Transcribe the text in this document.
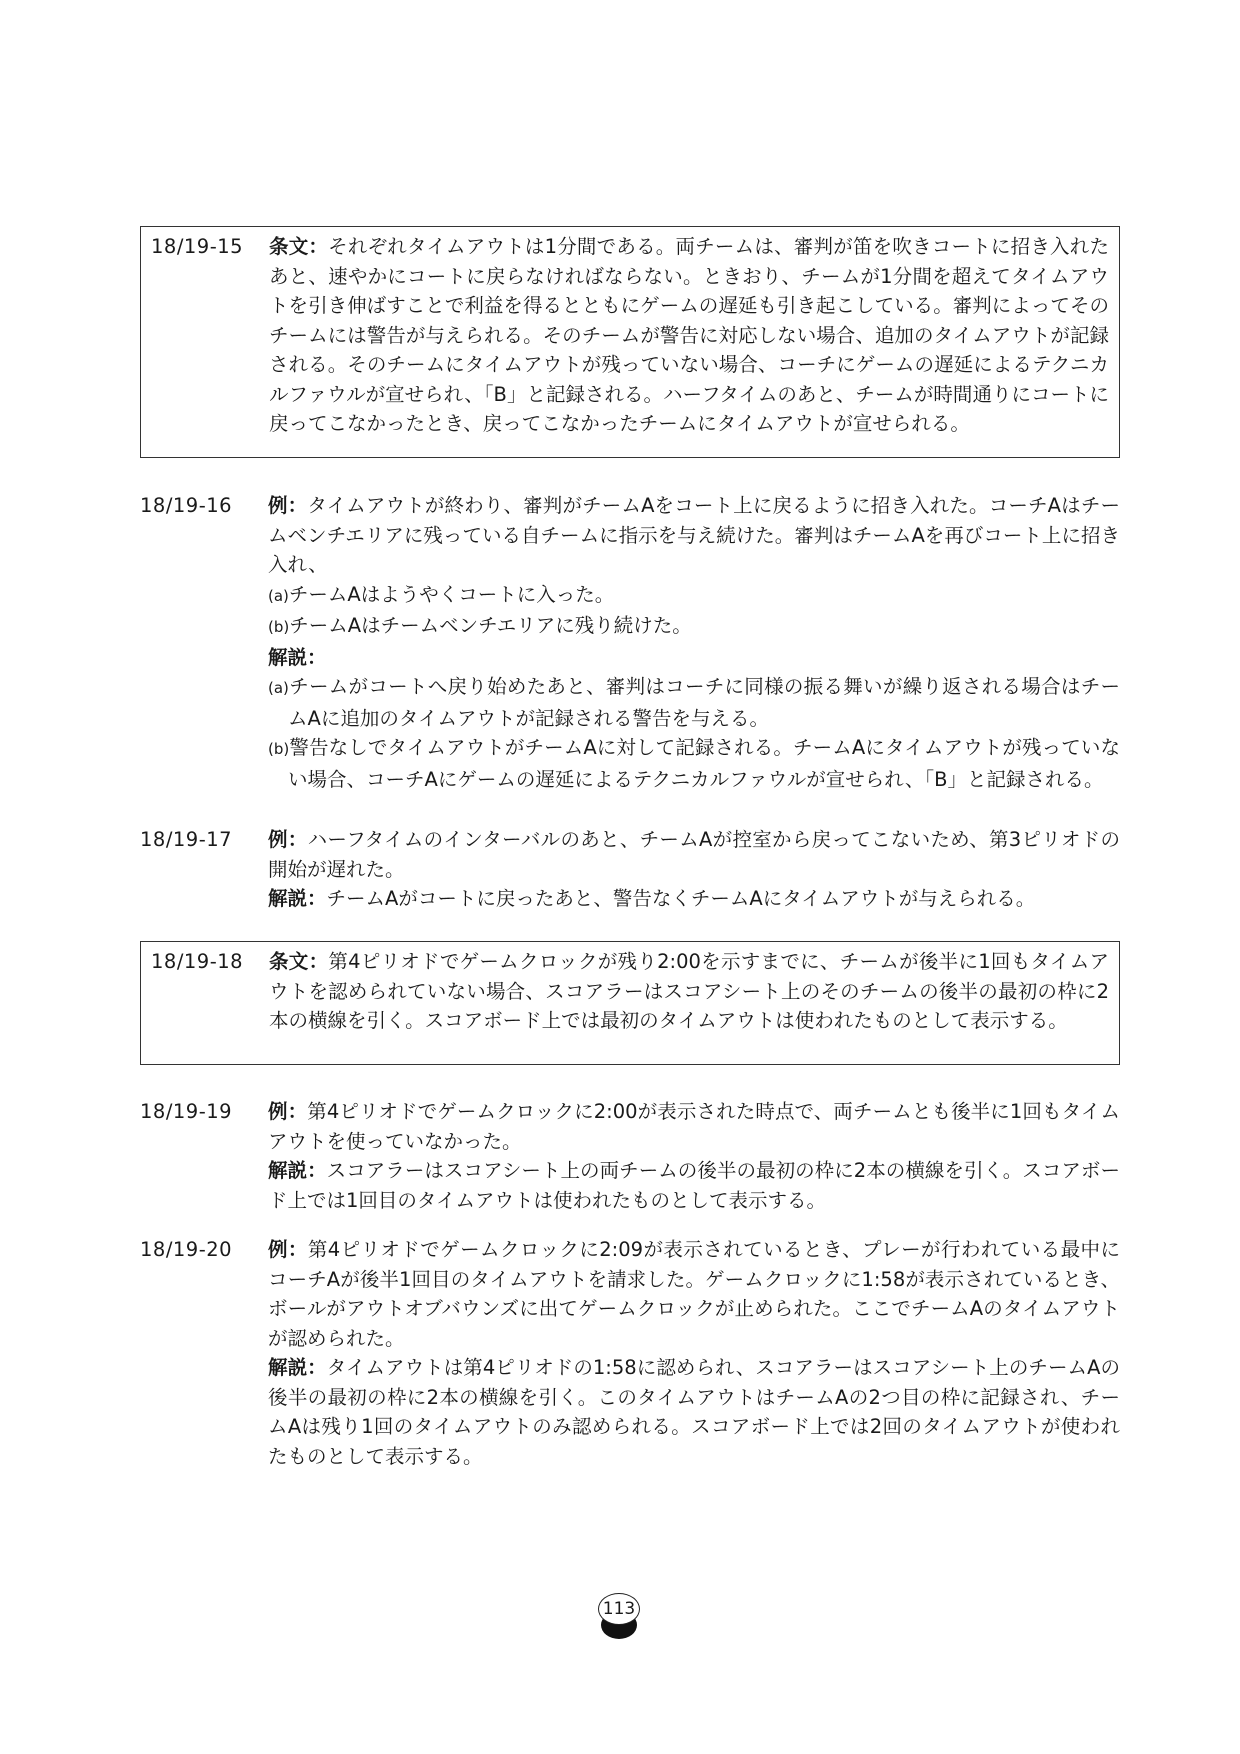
18/19-15	条文：それぞれタイムアウトは1分間である。両チームは、審判が笛を吹きコートに招き入れたあと、速やかにコートに戻らなければならない。ときおり、チームが1分間を超えてタイムアウトを引き伸ばすことで利益を得るとともにゲームの遅延も引き起こしている。審判によってそのチームには警告が与えられる。そのチームが警告に対応しない場合、追加のタイムアウトが記録される。そのチームにタイムアウトが残っていない場合、コーチにゲームの遅延によるテクニカルファウルが宣せられ、「B」と記録される。ハーフタイムのあと、チームが時間通りにコートに戻ってこなかったとき、戻ってこなかったチームにタイムアウトが宣せられる。
18/19-16	例：タイムアウトが終わり、審判がチームAをコート上に戻るように招き入れた。コーチAはチームベンチエリアに残っている自チームに指示を与え続けた。審判はチームAを再びコート上に招き入れ、
(a)チームAはようやくコートに入った。
(b)チームAはチームベンチエリアに残り続けた。
解説：
(a)チームがコートへ戻り始めたあと、審判はコーチに同様の振る舞いが繰り返される場合はチームAに追加のタイムアウトが記録される警告を与える。
(b)警告なしでタイムアウトがチームAに対して記録される。チームAにタイムアウトが残っていない場合、コーチAにゲームの遅延によるテクニカルファウルが宣せられ、「B」と記録される。
18/19-17	例：ハーフタイムのインターバルのあと、チームAが控室から戻ってこないため、第3ピリオドの開始が遅れた。
解説：チームAがコートに戻ったあと、警告なくチームAにタイムアウトが与えられる。
18/19-18	条文：第4ピリオドでゲームクロックが残り2:00を示すまでに、チームが後半に1回もタイムアウトを認められていない場合、スコアラーはスコアシート上のそのチームの後半の最初の枠に2本の横線を引く。スコアボード上では最初のタイムアウトは使われたものとして表示する。
18/19-19	例：第4ピリオドでゲームクロックに2:00が表示された時点で、両チームとも後半に1回もタイムアウトを使っていなかった。
解説：スコアラーはスコアシート上の両チームの後半の最初の枠に2本の横線を引く。スコアボード上では1回目のタイムアウトは使われたものとして表示する。
18/19-20	例：第4ピリオドでゲームクロックに2:09が表示されているとき、プレーが行われている最中にコーチAが後半1回目のタイムアウトを請求した。ゲームクロックに1:58が表示されているとき、ボールがアウトオブバウンズに出てゲームクロックが止められた。ここでチームAのタイムアウトが認められた。
解説：タイムアウトは第4ピリオドの1:58に認められ、スコアラーはスコアシート上のチームAの後半の最初の枠に2本の横線を引く。このタイムアウトはチームAの2つ目の枠に記録され、チームAは残り1回のタイムアウトのみ認められる。スコアボード上では2回のタイムアウトが使われたものとして表示する。
113
